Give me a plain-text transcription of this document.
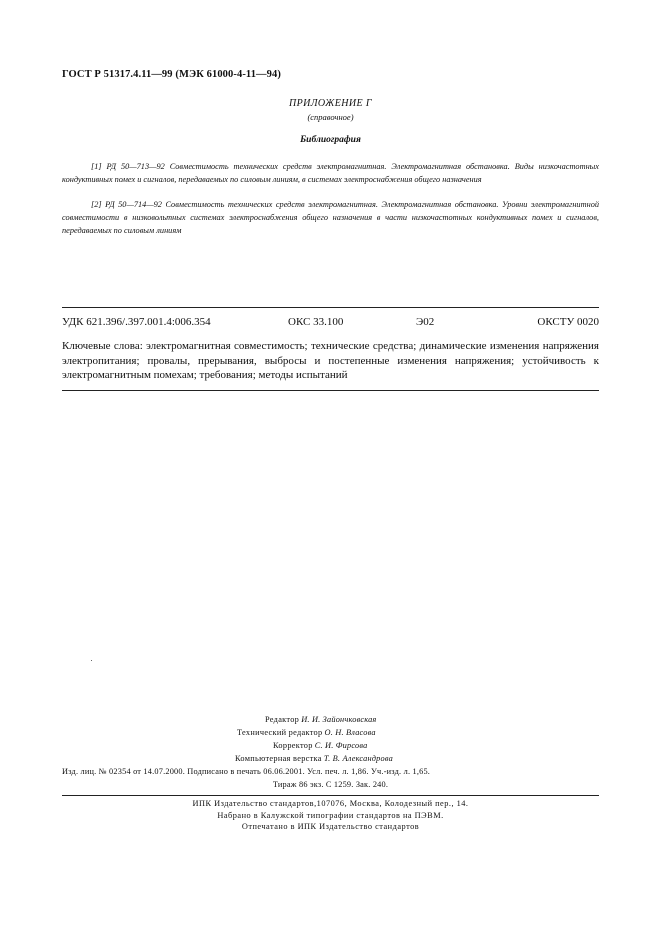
ГОСТ Р 51317.4.11—99 (МЭК 61000-4-11—94)
ПРИЛОЖЕНИЕ Г
(справочное)
Библиография
[1] РД 50—713—92 Совместимость технических средств электромагнитная. Электромагнитная обстановка. Виды низкочастотных кондуктивных помех и сигналов, передаваемых по силовым линиям, в системах электроснабжения общего назначения
[2] РД 50—714—92 Совместимость технических средств электромагнитная. Электромагнитная обстановка. Уровни электромагнитной совместимости в низковольтных системах электроснабжения общего назначения в части низкочастотных кондуктивных помех и сигналов, передаваемых по силовым линиям
УДК 621.396/.397.001.4:006.354	ОКС 33.100	Э02	ОКСТУ 0020
Ключевые слова: электромагнитная совместимость; технические средства; динамические изменения напряжения электропитания; провалы, прерывания, выбросы и постепенные изменения напряжения; устойчивость к электромагнитным помехам; требования; методы испытаний
Редактор И. И. Зайончковская
Технический редактор О. Н. Власова
Корректор С. И. Фирсова
Компьютерная верстка Т. В. Александрова
Изд. лиц. № 02354 от 14.07.2000. Подписано в печать 06.06.2001. Усл. печ. л. 1,86. Уч.-изд. л. 1,65.
Тираж 86 экз. С 1259. Зак. 240.
ИПК Издательство стандартов,107076, Москва, Колодезный пер., 14.
Набрано в Калужской типографии стандартов на ПЭВМ.
Отпечатано в ИПК Издательство стандартов
